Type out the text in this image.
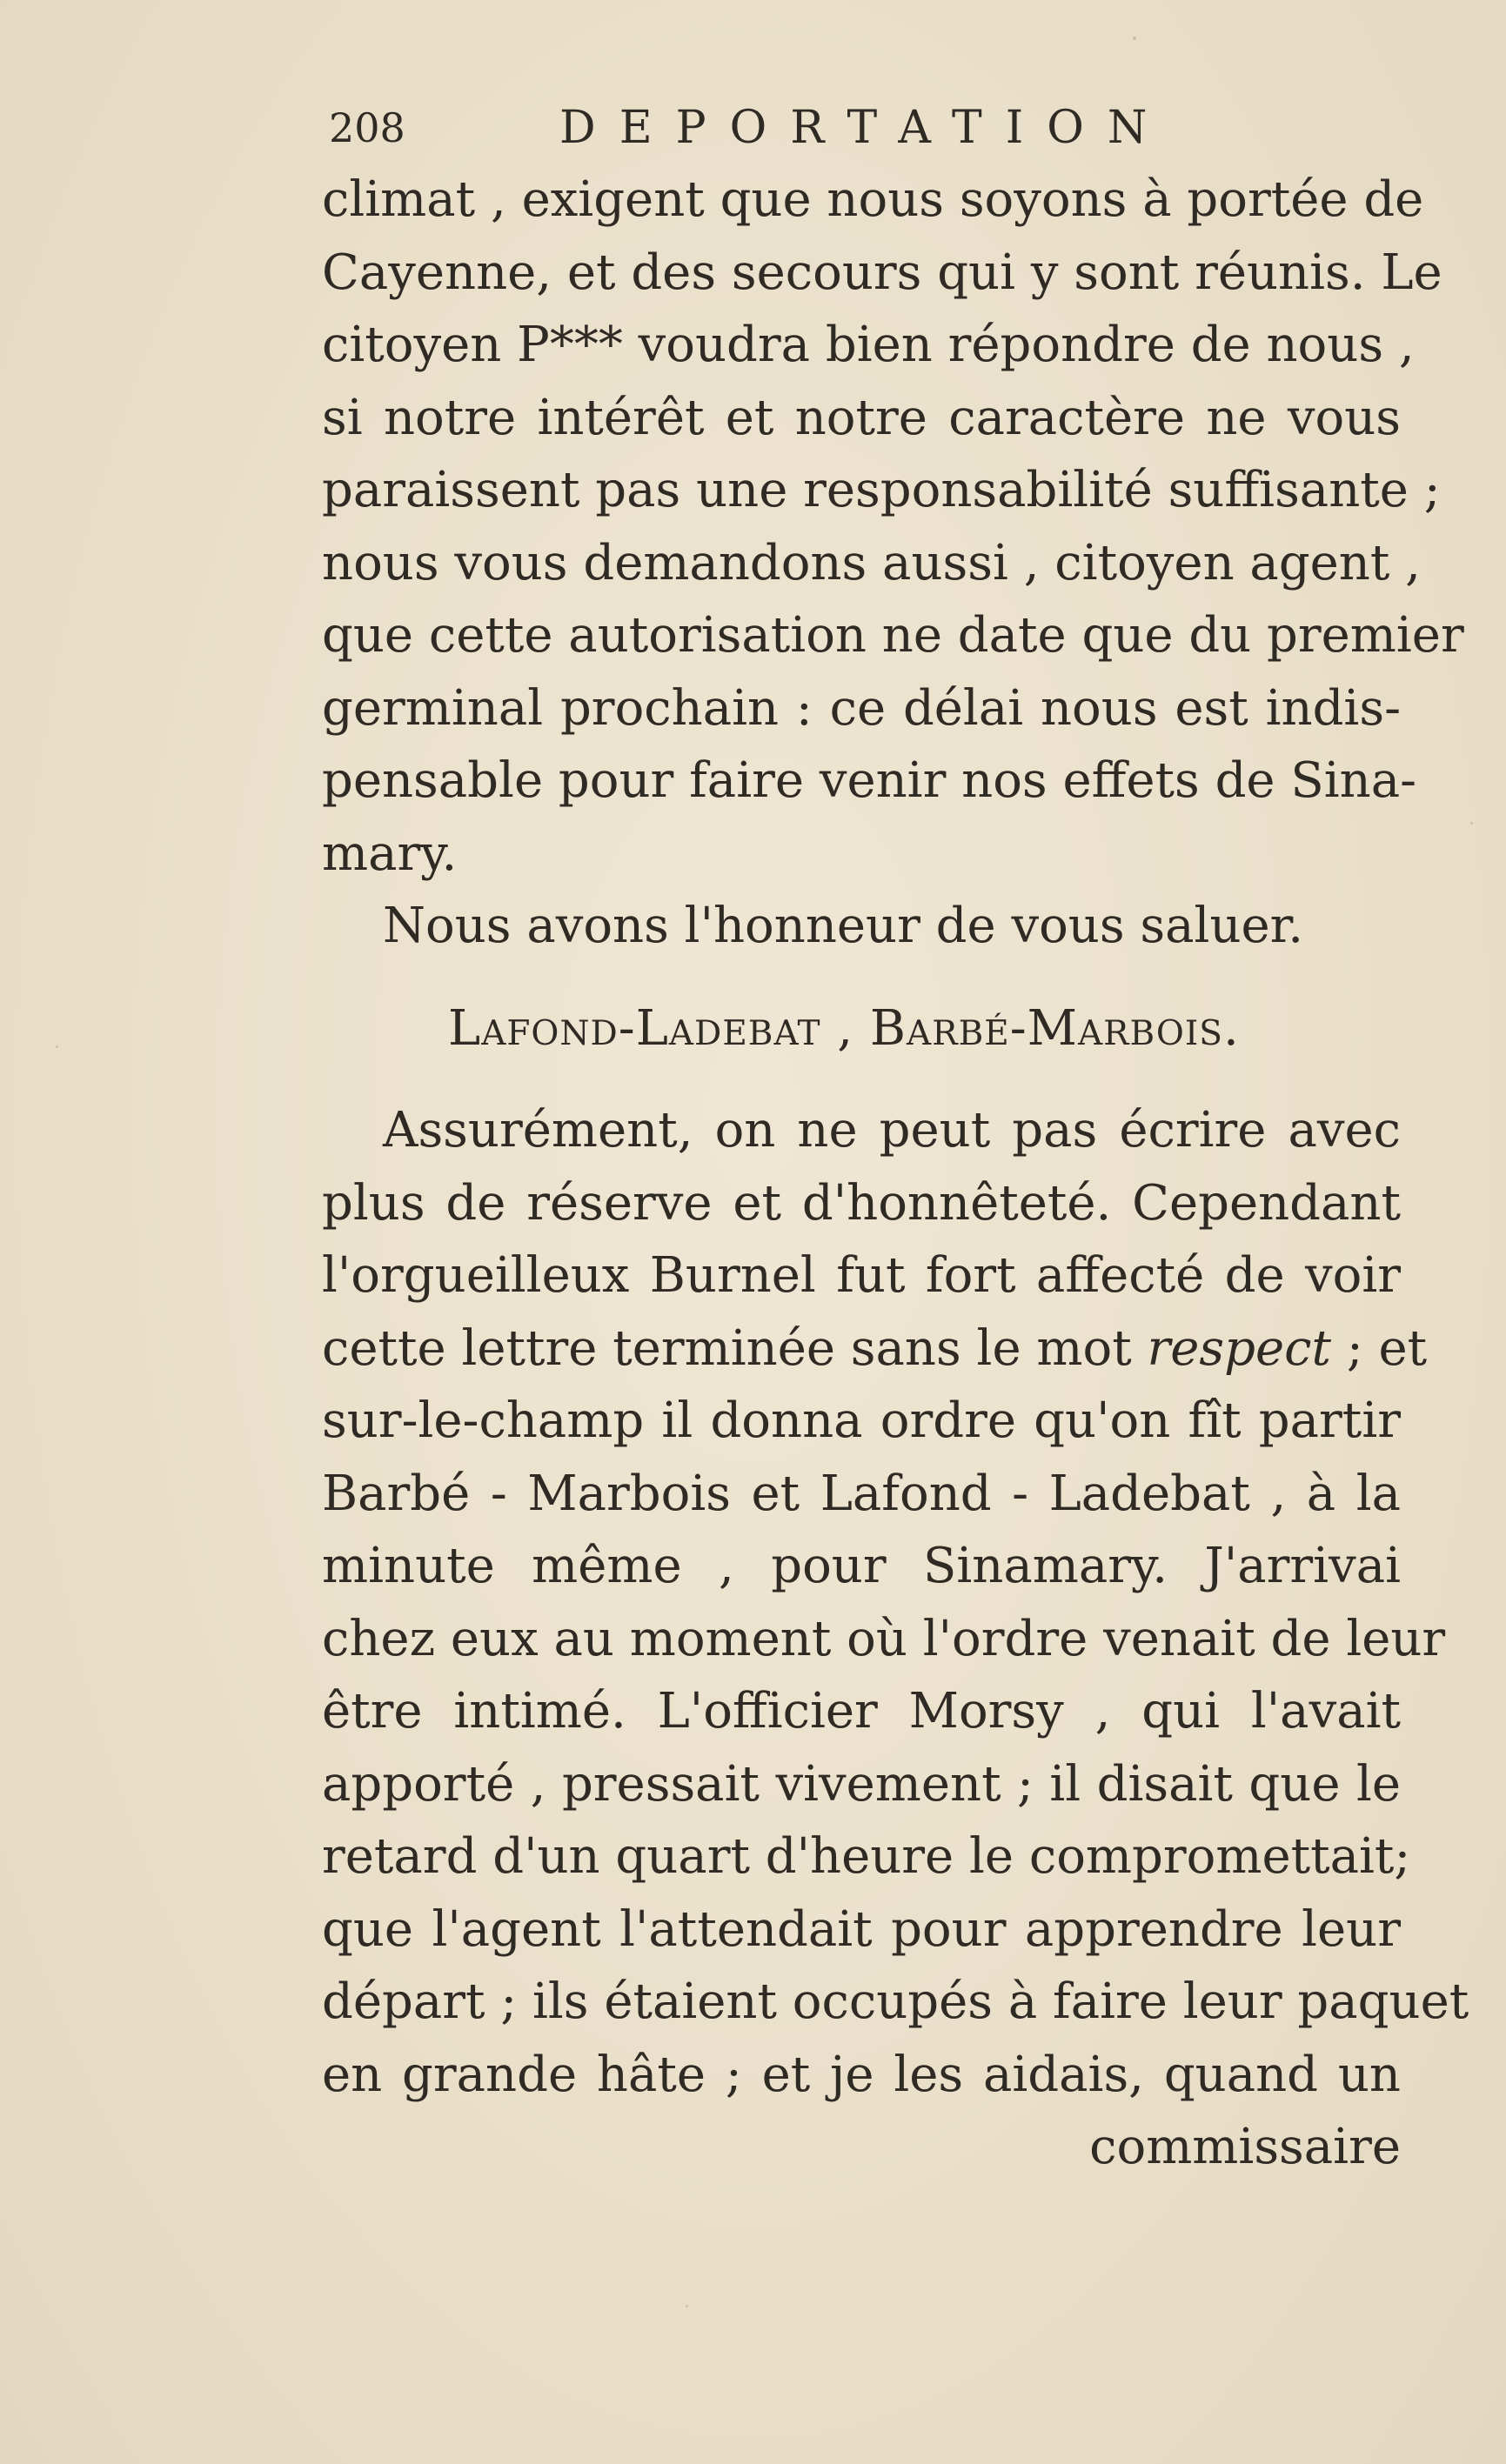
208	DEPORTATION
climat , exigent que nous soyons à portée de
Cayenne, et des secours qui y sont réunis. Le
citoyen P*** voudra bien répondre de nous ,
si notre intérêt et notre caractère ne vous
paraissent pas une responsabilité suffisante ;
nous vous demandons aussi , citoyen agent ,
que cette autorisation ne date que du premier
germinal prochain : ce délai nous est indis-
pensable pour faire venir nos effets de Sina-
mary.
Nous avons l'honneur de vous saluer.
Lafond-Ladebat , Barbé-Marbois.
Assurément, on ne peut pas écrire avec
plus de réserve et d'honnêteté. Cependant
l'orgueilleux Burnel fut fort affecté de voir
cette lettre terminée sans le mot respect ; et
sur-le-champ il donna ordre qu'on fît partir
Barbé - Marbois et Lafond - Ladebat , à la
minute même , pour Sinamary. J'arrivai
chez eux au moment où l'ordre venait de leur
être intimé. L'officier Morsy , qui l'avait
apporté , pressait vivement ; il disait que le
retard d'un quart d'heure le compromettait;
que l'agent l'attendait pour apprendre leur
départ ; ils étaient occupés à faire leur paquet
en grande hâte ; et je les aidais, quand un
commissaire
